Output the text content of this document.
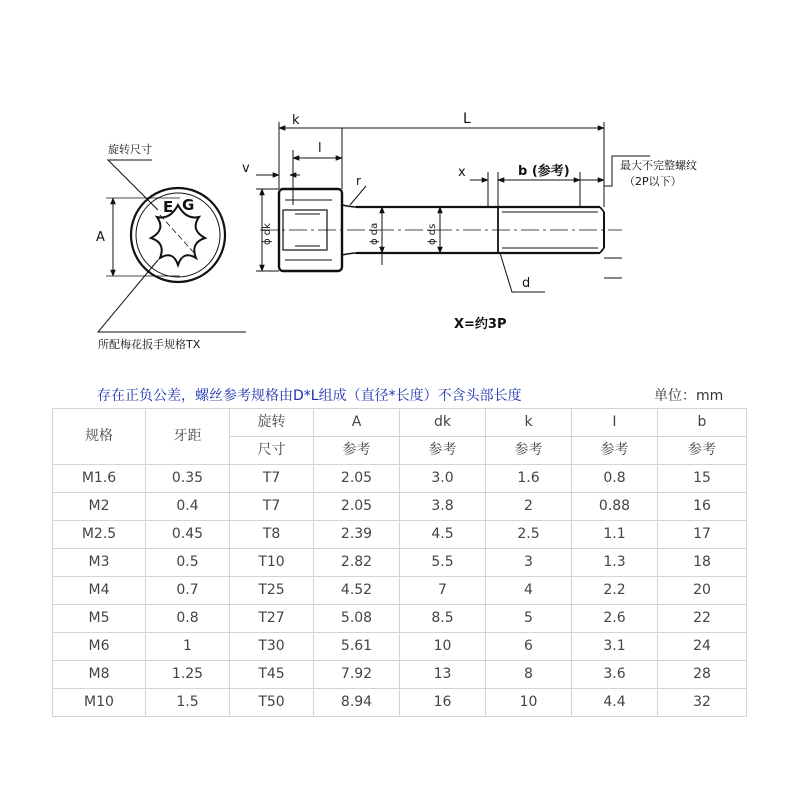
旋转尺寸
A
E G
所配梅花扳手规格TX
k	L
l
v
r
x	b (参考)
ϕ dk	ϕ da	ϕ ds
d
最大不完整螺纹
（2P以下）
X=约3P
存在正负公差，螺丝参考规格由D*L组成（直径*长度）不含头部长度	单位：mm
规格	牙距	旋转	A	dk	k	I	b
		尺寸	参考	参考	参考	参考	参考
M1.6	0.35	T7	2.05	3.0	1.6	0.8	15
M2	0.4	T7	2.05	3.8	2	0.88	16
M2.5	0.45	T8	2.39	4.5	2.5	1.1	17
M3	0.5	T10	2.82	5.5	3	1.3	18
M4	0.7	T25	4.52	7	4	2.2	20
M5	0.8	T27	5.08	8.5	5	2.6	22
M6	1	T30	5.61	10	6	3.1	24
M8	1.25	T45	7.92	13	8	3.6	28
M10	1.5	T50	8.94	16	10	4.4	32
